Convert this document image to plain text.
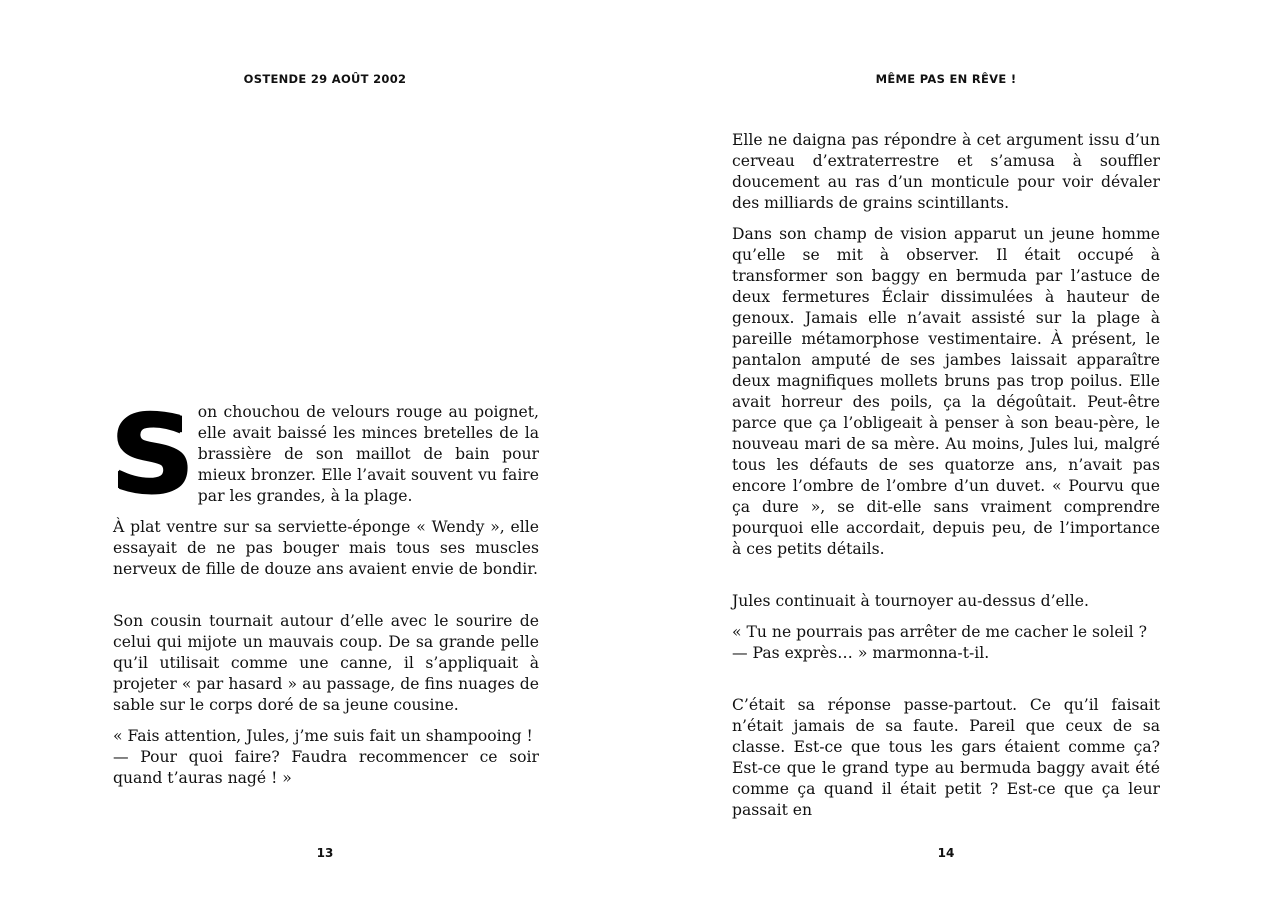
OSTENDE 29 AOÛT 2002

Son chouchou de velours rouge au poignet, elle avait baissé les minces bretelles de la brassière de son maillot de bain pour mieux bronzer. Elle l’avait souvent vu faire par les grandes, à la plage.

À plat ventre sur sa serviette-éponge « Wendy », elle essayait de ne pas bouger mais tous ses muscles nerveux de fille de douze ans avaient envie de bondir.

Son cousin tournait autour d’elle avec le sourire de celui qui mijote un mauvais coup. De sa grande pelle qu’il utilisait comme une canne, il s’appliquait à projeter « par hasard » au passage, de fins nuages de sable sur le corps doré de sa jeune cousine.

« Fais attention, Jules, j’me suis fait un shampooing !

— Pour quoi faire? Faudra recommencer ce soir quand t’auras nagé ! »

13
MÊME PAS EN RÊVE !

Elle ne daigna pas répondre à cet argument issu d’un cerveau d’extraterrestre et s’amusa à souffler doucement au ras d’un monticule pour voir dévaler des milliards de grains scintillants.

Dans son champ de vision apparut un jeune homme qu’elle se mit à observer. Il était occupé à transformer son baggy en bermuda par l’astuce de deux fermetures Éclair dissimulées à hauteur de genoux. Jamais elle n’avait assisté sur la plage à pareille métamorphose vestimentaire. À présent, le pantalon amputé de ses jambes laissait apparaître deux magnifiques mollets bruns pas trop poilus. Elle avait horreur des poils, ça la dégoûtait. Peut-être parce que ça l’obligeait à penser à son beau-père, le nouveau mari de sa mère. Au moins, Jules lui, malgré tous les défauts de ses quatorze ans, n’avait pas encore l’ombre de l’ombre d’un duvet. « Pourvu que ça dure », se dit-elle sans vraiment comprendre pourquoi elle accordait, depuis peu, de l’importance à ces petits détails.

Jules continuait à tournoyer au-dessus d’elle.

« Tu ne pourrais pas arrêter de me cacher le soleil ?

— Pas exprès… » marmonna-t-il.

C’était sa réponse passe-partout. Ce qu’il faisait n’était jamais de sa faute. Pareil que ceux de sa classe. Est-ce que tous les gars étaient comme ça? Est-ce que le grand type au bermuda baggy avait été comme ça quand il était petit ? Est-ce que ça leur passait en

14
